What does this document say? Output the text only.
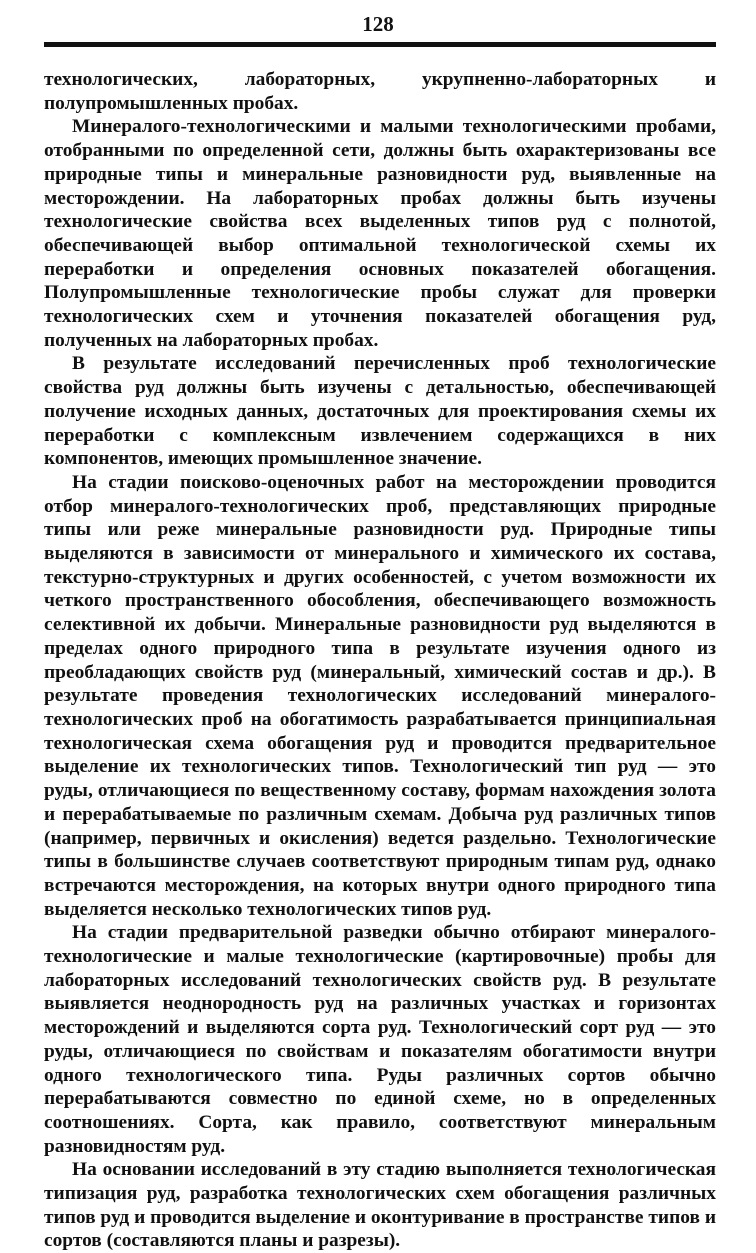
128

технологических, лабораторных, укрупненно-лабораторных и полупромышленных пробах.

Минералого-технологическими и малыми технологическими пробами, отобранными по определенной сети, должны быть охарактеризованы все природные типы и минеральные разновидности руд, выявленные на месторождении. На лабораторных пробах должны быть изучены технологические свойства всех выделенных типов руд с полнотой, обеспечивающей выбор оптимальной технологической схемы их переработки и определения основных показателей обогащения. Полупромышленные технологические пробы служат для проверки технологических схем и уточнения показателей обогащения руд, полученных на лабораторных пробах.

В результате исследований перечисленных проб технологические свойства руд должны быть изучены с детальностью, обеспечивающей получение исходных данных, достаточных для проектирования схемы их переработки с комплексным извлечением содержащихся в них компонентов, имеющих промышленное значение.

На стадии поисково-оценочных работ на месторождении проводится отбор минералого-технологических проб, представляющих природные типы или реже минеральные разновидности руд. Природные типы выделяются в зависимости от минерального и химического их состава, текстурно-структурных и других особенностей, с учетом возможности их четкого пространственного обособления, обеспечивающего возможность селективной их добычи. Минеральные разновидности руд выделяются в пределах одного природного типа в результате изучения одного из преобладающих свойств руд (минеральный, химический состав и др.). В результате проведения технологических исследований минералого-технологических проб на обогатимость разрабатывается принципиальная технологическая схема обогащения руд и проводится предварительное выделение их технологических типов. Технологический тип руд — это руды, отличающиеся по вещественному составу, формам нахождения золота и перерабатываемые по различным схемам. Добыча руд различных типов (например, первичных и окисления) ведется раздельно. Технологические типы в большинстве случаев соответствуют природным типам руд, однако встречаются месторождения, на которых внутри одного природного типа выделяется несколько технологических типов руд.

На стадии предварительной разведки обычно отбирают минералого-технологические и малые технологические (картировочные) пробы для лабораторных исследований технологических свойств руд. В результате выявляется неоднородность руд на различных участках и горизонтах месторождений и выделяются сорта руд. Технологический сорт руд — это руды, отличающиеся по свойствам и показателям обогатимости внутри одного технологического типа. Руды различных сортов обычно перерабатываются совместно по единой схеме, но в определенных соотношениях. Сорта, как правило, соответствуют минеральным разновидностям руд.

На основании исследований в эту стадию выполняется технологическая типизация руд, разработка технологических схем обогащения различных типов руд и проводится выделение и оконтуривание в пространстве типов и сортов (составляются планы и разрезы).
